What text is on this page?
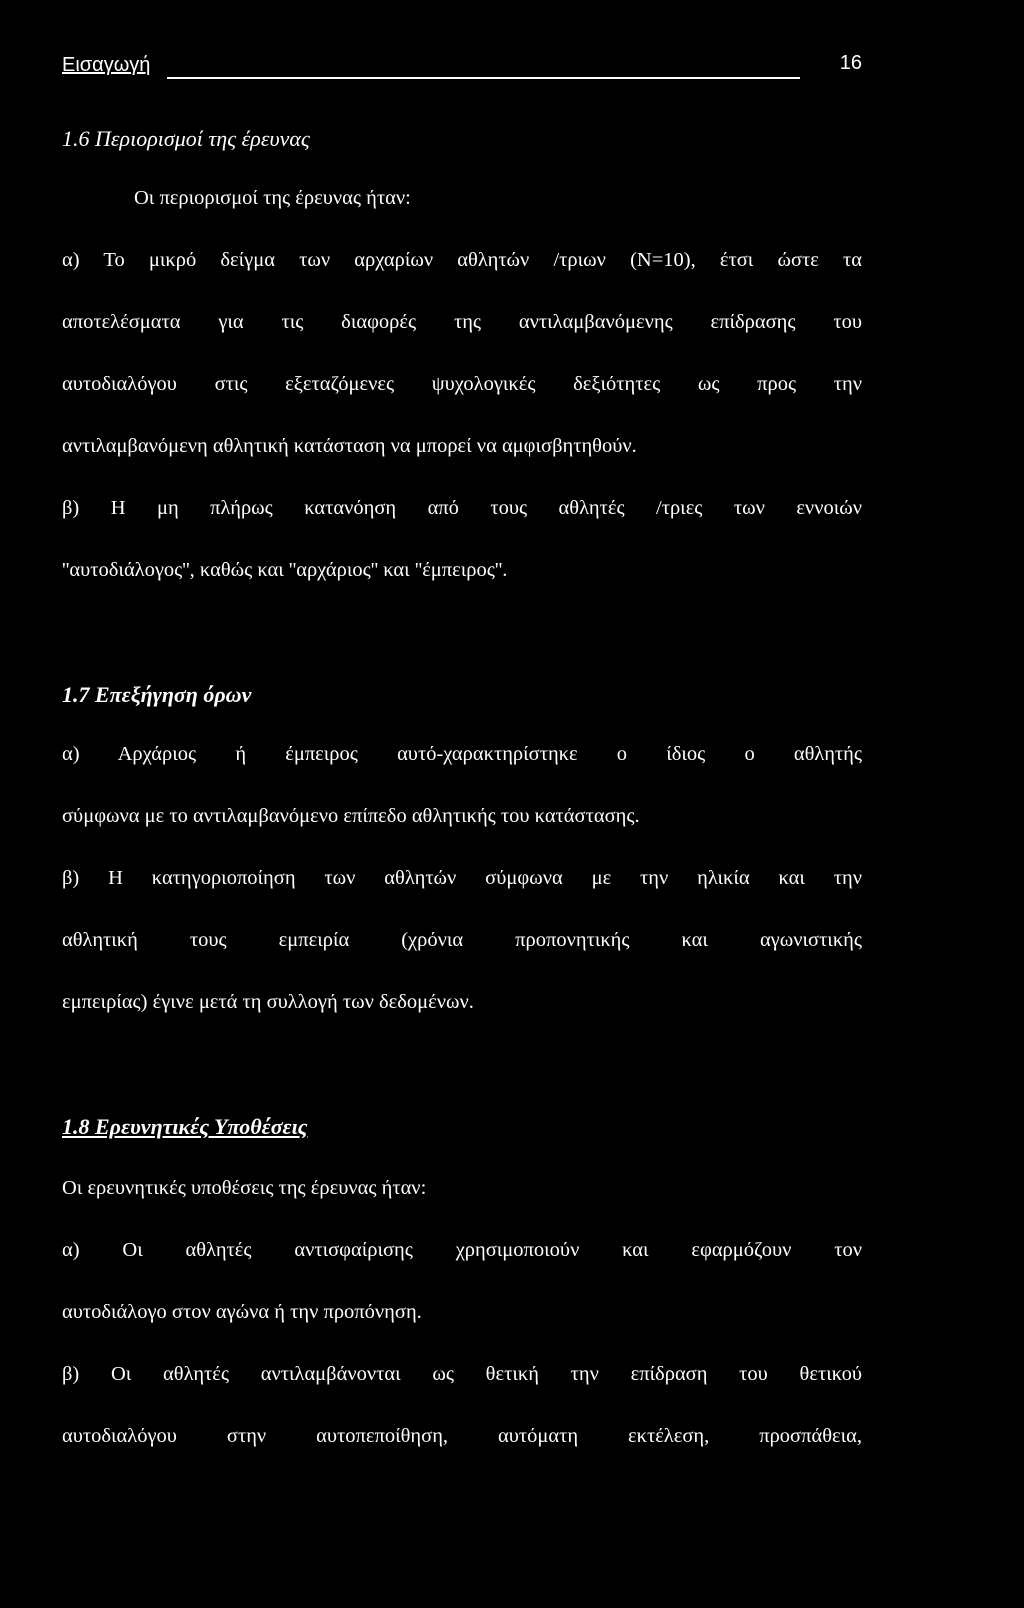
Εισαγωγή	16

1.6 Περιορισμοί της έρευνας

Οι περιορισμοί της έρευνας ήταν:

α) Το μικρό δείγμα των αρχαρίων αθλητών /τριων (Ν=10), έτσι ώστε τα

αποτελέσματα για τις διαφορές της αντιλαμβανόμενης επίδρασης του

αυτοδιαλόγου στις εξεταζόμενες ψυχολογικές δεξιότητες ως προς την

αντιλαμβανόμενη αθλητική κατάσταση να μπορεί να αμφισβητηθούν.

β) Η μη πλήρως κατανόηση από τους αθλητές /τριες των εννοιών

''αυτοδιάλογος'', καθώς και ''αρχάριος'' και ''έμπειρος''.

1.7 Επεξήγηση όρων

α) Αρχάριος ή έμπειρος αυτό-χαρακτηρίστηκε ο ίδιος ο αθλητής

σύμφωνα με το αντιλαμβανόμενο επίπεδο αθλητικής του κατάστασης.

β) Η κατηγοριοποίηση των αθλητών σύμφωνα με την ηλικία και την

αθλητική τους εμπειρία (χρόνια προπονητικής και αγωνιστικής

εμπειρίας) έγινε μετά τη συλλογή των δεδομένων.

1.8 Ερευνητικές Υποθέσεις

Οι ερευνητικές υποθέσεις της έρευνας ήταν:

α) Οι αθλητές αντισφαίρισης χρησιμοποιούν και εφαρμόζουν τον

αυτοδιάλογο στον αγώνα ή την προπόνηση.

β) Οι αθλητές αντιλαμβάνονται ως θετική την επίδραση του θετικού

αυτοδιαλόγου στην αυτοπεποίθηση, αυτόματη εκτέλεση, προσπάθεια,
